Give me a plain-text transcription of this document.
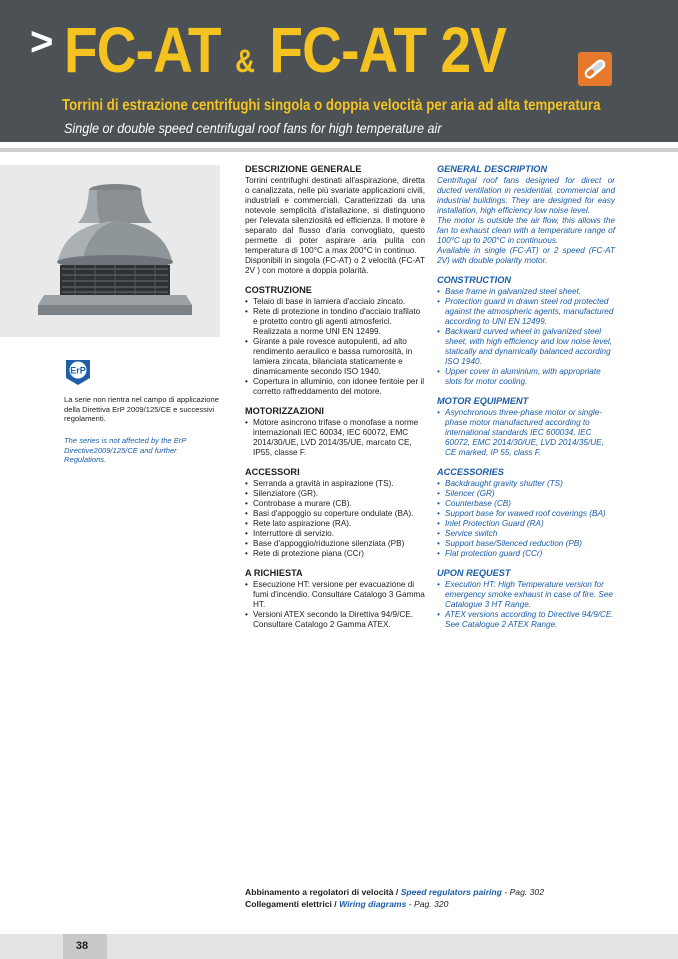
> FC-AT & FC-AT 2V
Torrini di estrazione centrifughi singola o doppia velocità per aria ad alta temperatura
Single or double speed centrifugal roof fans for high temperature air
ErP
La serie non rientra nel campo di applicazione della Direttiva ErP 2009/125/CE e successivi regolamenti.
The series is not affected by the ErP Directive2009/125/CE and further Regulations.
DESCRIZIONE GENERALE
Torrini centrifughi destinati all'aspirazione, diretta o canalizzata, nelle più svariate applicazioni civili, industriali e commerciali. Caratterizzati da una notevole semplicità d'istallazione, si distinguono per l'elevata silenziosità ed efficienza. Il motore è separato dal flusso d'aria convogliato, questo permette di poter aspirare aria pulita con temperatura di 100°C a max 200°C in continuo.
Disponibili in singola (FC-AT) o 2 velocità (FC-AT 2V ) con motore a doppia polarità.
COSTRUZIONE
• Telaio di base in lamiera d'acciaio zincato.
• Rete di protezione in tondino d'acciaio trafilato e protetto contro gli agenti atmosferici. Realizzata a norme UNI EN 12499.
• Girante a pale rovesce autopulenti, ad alto rendimento aeraulico e bassa rumorosità, in lamiera zincata, bilanciata staticamente e dinamicamente secondo ISO 1940.
• Copertura in alluminio, con idonee feritoie per il corretto raffreddamento del motore.
MOTORIZZAZIONI
• Motore asincrono trifase o monofase a norme internazionali IEC 60034, IEC 60072, EMC 2014/30/UE, LVD 2014/35/UE, marcato CE, IP55, classe F.
ACCESSORI
• Serranda a gravità in aspirazione (TS).
• Silenziatore (GR).
• Controbase a murare (CB).
• Basi d'appoggio su coperture ondulate (BA).
• Rete lato aspirazione (RA).
• Interruttore di servizio.
• Base d'appoggio/riduzione silenziata (PB)
• Rete di protezione piana (CCr)
A RICHIESTA
• Esecuzione HT: versione per evacuazione di fumi d'incendio. Consultare Catalogo 3 Gamma HT.
• Versioni ATEX secondo la Direttiva 94/9/CE. Consultare Catalogo 2 Gamma ATEX.
GENERAL DESCRIPTION
Centrifugal roof fans designed for direct or ducted ventilation in residential, commercial and industrial buildings. They are designed for easy installation, high efficiency low noise level.
The motor is outside the air flow, this allows the fan to exhaust clean with a temperature range of 100°C up to 200°C in continuous.
Available in single (FC-AT) or 2 speed (FC-AT 2V) with double polarity motor.
CONSTRUCTION
• Base frame in galvanized steel sheet.
• Protection guard in drawn steel rod protected against the atmospheric agents, manufactured according to UNI EN 12499.
• Backward curved wheel in galvanized steel sheet, with high efficiency and low noise level, statically and dynamically balanced according ISO 1940.
• Upper cover in aluminium, with appropriate slots for motor cooling.
MOTOR EQUIPMENT
• Asynchronous three-phase motor or single-phase motor manufactured according to international standards IEC 600034, IEC 60072, EMC 2014/30/UE, LVD 2014/35/UE, CE marked, IP 55, class F.
ACCESSORIES
• Backdraught gravity shutter (TS)
• Silencer (GR)
• Counterbase (CB)
• Support base for wawed roof coverings (BA)
• Inlet Protection Guard (RA)
• Service switch
• Support base/Silenced reduction (PB)
• Flat protection guard (CCr)
UPON REQUEST
• Execution HT: High Temperature version for emergency smoke exhaust in case of fire. See Catalogue 3 HT Range.
• ATEX versions according to Directive 94/9/CE. See Catalogue 2 ATEX Range.
Abbinamento a regolatori di velocità / Speed regulators pairing - Pag. 302
Collegamenti elettrici / Wiring diagrams - Pag. 320
38
